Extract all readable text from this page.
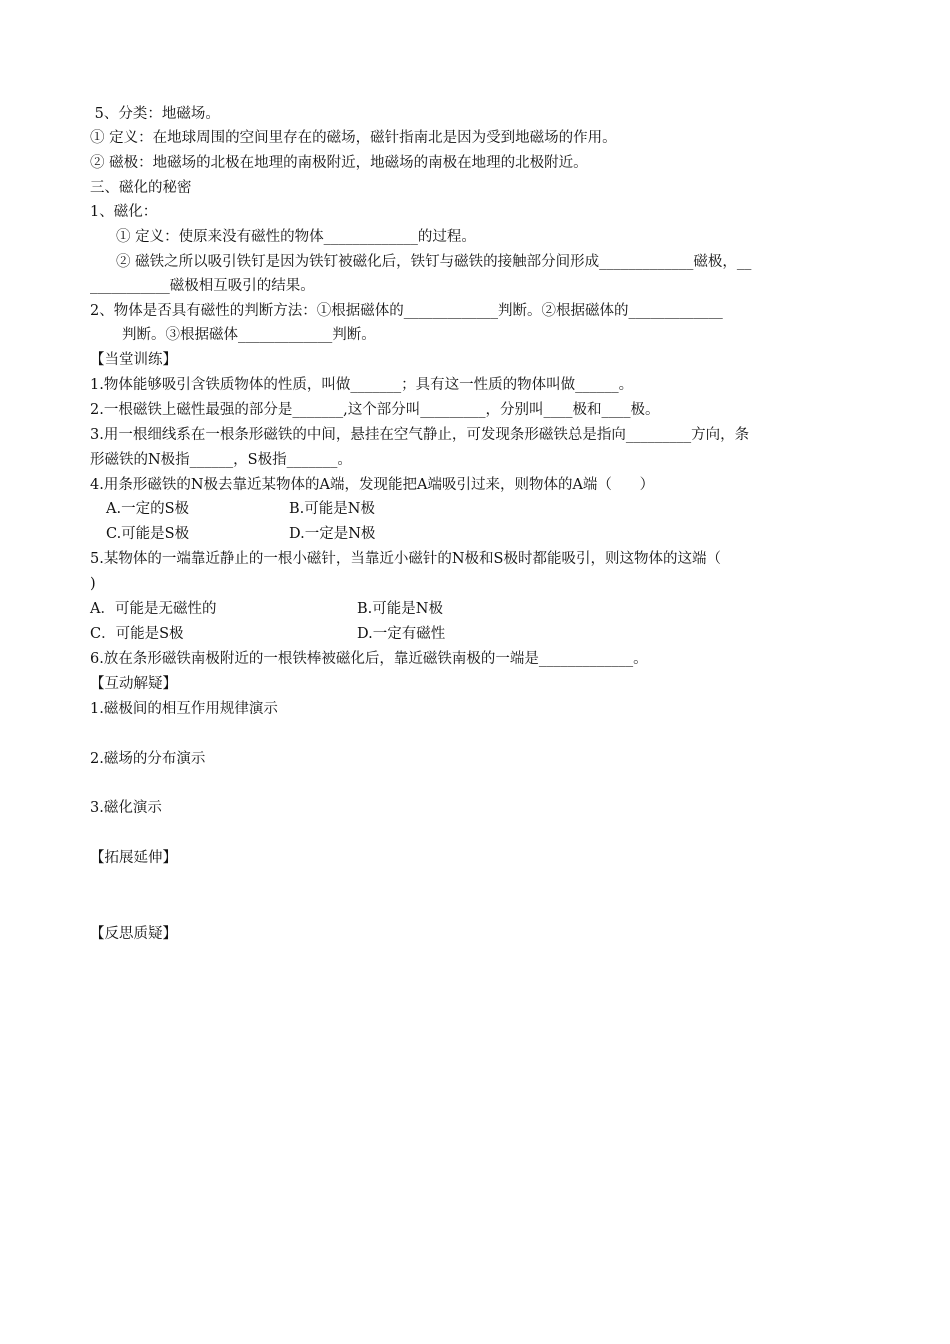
5、分类：地磁场。
① 定义：在地球周围的空间里存在的磁场，磁针指南北是因为受到地磁场的作用。
② 磁极：地磁场的北极在地理的南极附近，地磁场的南极在地理的北极附近。
三、磁化的秘密
1、磁化：
① 定义：使原来没有磁性的物体_____________的过程。
② 磁铁之所以吸引铁钉是因为铁钉被磁化后，铁钉与磁铁的接触部分间形成_____________磁极，__
___________磁极相互吸引的结果。
2、物体是否具有磁性的判断方法：①根据磁体的_____________判断。②根据磁体的_____________
判断。③根据磁体_____________判断。
【当堂训练】
1.物体能够吸引含铁质物体的性质，叫做_______；具有这一性质的物体叫做______。
2.一根磁铁上磁性最强的部分是_______,这个部分叫_________，分别叫____极和____极。
3.用一根细线系在一根条形磁铁的中间，悬挂在空气静止，可发现条形磁铁总是指向_________方向，条
形磁铁的N极指______，S极指_______。
4.用条形磁铁的N极去靠近某物体的A端，发现能把A端吸引过来，则物体的A端（      ）
A.一定的S极	B.可能是N极
C.可能是S极	D.一定是N极
5.某物体的一端靠近静止的一根小磁针，当靠近小磁针的N极和S极时都能吸引，则这物体的这端（
)
A．可能是无磁性的	B.可能是N极
C．可能是S极	D.一定有磁性
6.放在条形磁铁南极附近的一根铁棒被磁化后，靠近磁铁南极的一端是_____________。
【互动解疑】
1.磁极间的相互作用规律演示
2.磁场的分布演示
3.磁化演示
【拓展延伸】
【反思质疑】
